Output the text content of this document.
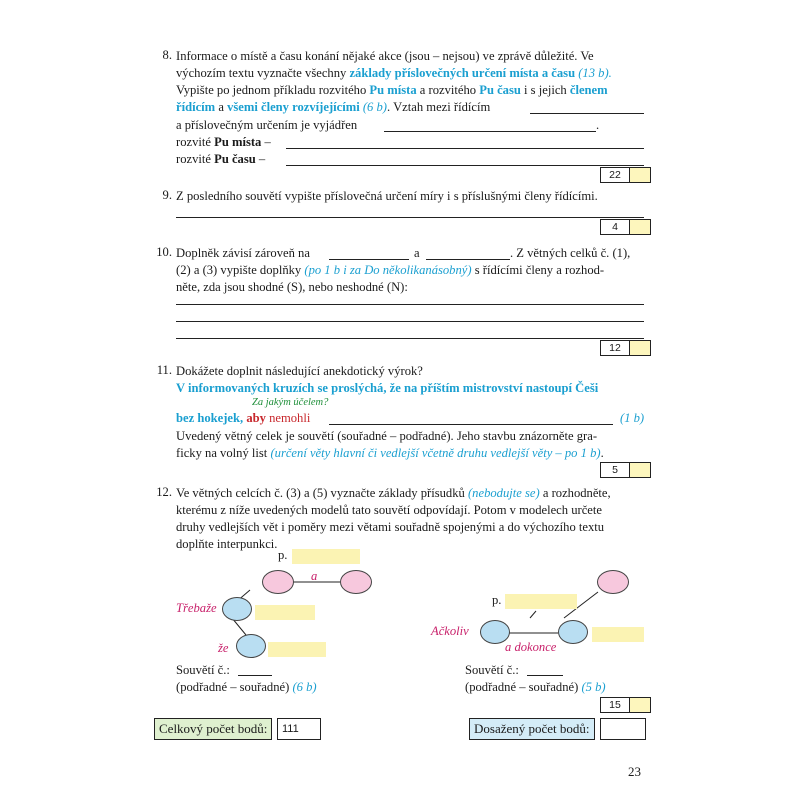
8. Informace o místě a času konání nějaké akce (jsou – nejsou) ve zprávě důležité. Ve
výchozím textu vyznačte všechny základy příslovečných určení místa a času (13 b).
Vypište po jednom příkladu rozvitého Pu místa a rozvitého Pu času i s jejich členem
řídícím a všemi členy rozvíjejícími (6 b). Vztah mezi řídícím
a příslovečným určením je vyjádřen	.
rozvité Pu místa –
rozvité Pu času –
22
9. Z posledního souvětí vypište příslovečná určení míry i s příslušnými členy řídícími.
4
10. Doplněk závisí zároveň na	a	. Z větných celků č. (1),
(2) a (3) vypište doplňky (po 1 b i za Do několikanásobný) s řídícími členy a rozhod-
něte, zda jsou shodné (S), nebo neshodné (N):
12
11. Dokážete doplnit následující anekdotický výrok?
V informovaných kruzích se proslýchá, že na příštím mistrovství nastoupí Češi
Za jakým účelem?
bez hokejek, aby nemohli	(1 b)
Uvedený větný celek je souvětí (souřadné – podřadné). Jeho stavbu znázorněte gra-
ficky na volný list (určení věty hlavní či vedlejší včetně druhu vedlejší věty – po 1 b).
5
12. Ve větných celcích č. (3) a (5) vyznačte základy přísudků (nebodujte se) a rozhodněte,
kterému z níže uvedených modelů tato souvětí odpovídají. Potom v modelech určete
druhy vedlejších vět i poměry mezi větami souřadně spojenými a do výchozího textu
doplňte interpunkci.
p.
a
Třebaže
že
Souvětí č.:
(podřadné – souřadné) (6 b)
p.
Ačkoliv
a dokonce
Souvětí č.:
(podřadné – souřadné) (5 b)
15
Celkový počet bodů:	111	Dosažený počet bodů:
23
